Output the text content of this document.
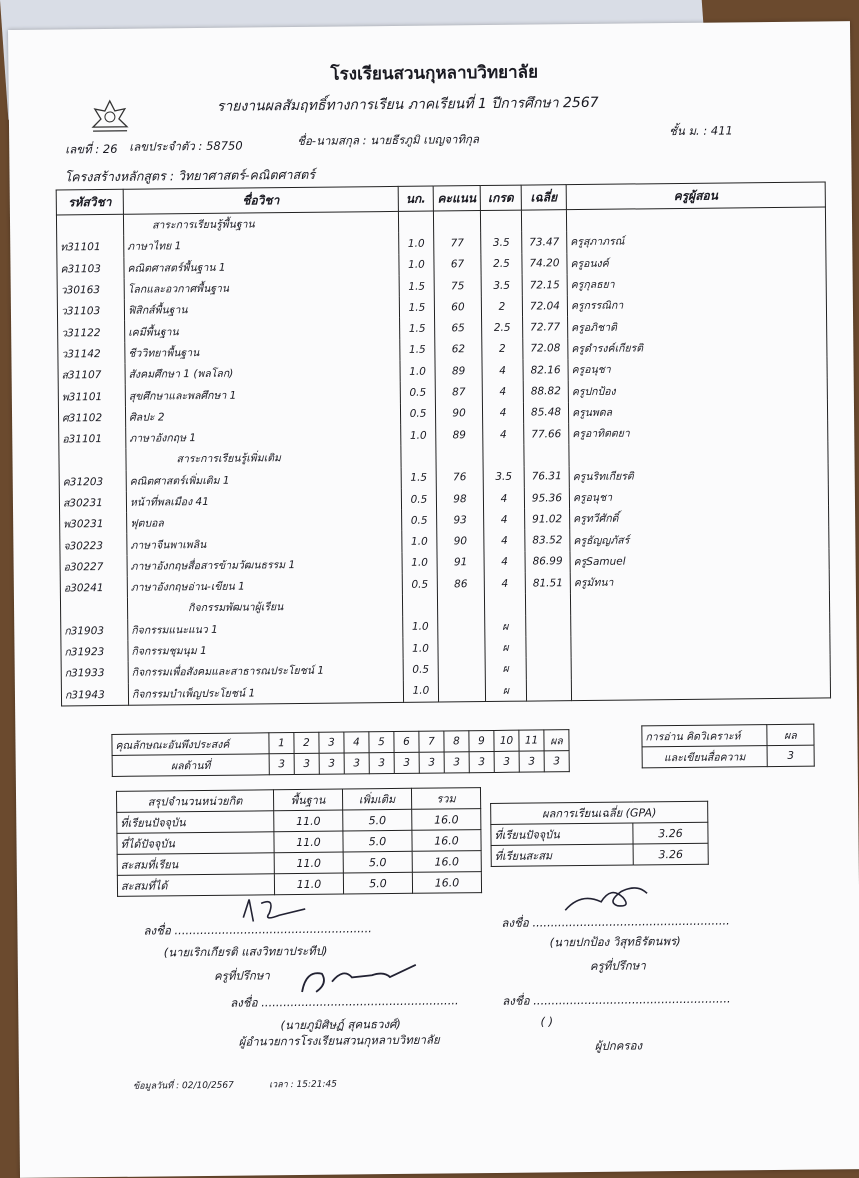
โรงเรียนสวนกุหลาบวิทยาลัย
รายงานผลสัมฤทธิ์ทางการเรียน ภาคเรียนที่ 1 ปีการศึกษา 2567
เลขที่ : 26 เลขประจำตัว : 58750	ชื่อ-นามสกุล : นายธีรภูมิ เบญจาทิกุล
ชั้น ม. : 411
โครงสร้างหลักสูตร : วิทยาศาสตร์-คณิตศาสตร์
รหัสวิชา	ชื่อวิชา	นก.	คะแนน	เกรด	เฉลี่ย	ครูผู้สอน
	สาระการเรียนรู้พื้นฐาน					
ท31101	ภาษาไทย 1	1.0	77	3.5	73.47	ครูสุภาภรณ์
ค31103	คณิตศาสตร์พื้นฐาน 1	1.0	67	2.5	74.20	ครูอนงค์
ว30163	โลกและอวกาศพื้นฐาน	1.5	75	3.5	72.15	ครูกุลธยา
ว31103	ฟิสิกส์พื้นฐาน	1.5	60	2	72.04	ครูกรรณิกา
ว31122	เคมีพื้นฐาน	1.5	65	2.5	72.77	ครูอภิชาติ
ว31142	ชีววิทยาพื้นฐาน	1.5	62	2	72.08	ครูดำรงค์เกียรติ
ส31107	สังคมศึกษา 1 (พลโลก)	1.0	89	4	82.16	ครูอนุชา
พ31101	สุขศึกษาและพลศึกษา 1	0.5	87	4	88.82	ครูปกป้อง
ศ31102	ศิลปะ 2	0.5	90	4	85.48	ครูนพดล
อ31101	ภาษาอังกฤษ 1	1.0	89	4	77.66	ครูอาทิตตยา
	สาระการเรียนรู้เพิ่มเติม					
ค31203	คณิตศาสตร์เพิ่มเติม 1	1.5	76	3.5	76.31	ครูนริทเกียรติ
ส30231	หน้าที่พลเมือง 41	0.5	98	4	95.36	ครูอนุชา
พ30231	ฟุตบอล	0.5	93	4	91.02	ครูทวีศักดิ์
จ30223	ภาษาจีนพาเพลิน	1.0	90	4	83.52	ครูธัญญภัสร์
อ30227	ภาษาอังกฤษสื่อสารข้ามวัฒนธรรม 1	1.0	91	4	86.99	ครูSamuel
อ30241	ภาษาอังกฤษอ่าน-เขียน 1	0.5	86	4	81.51	ครูมัทนา
	กิจกรรมพัฒนาผู้เรียน					
ก31903	กิจกรรมแนะแนว 1	1.0		ผ		
ก31923	กิจกรรมชุมนุม 1	1.0		ผ		
ก31933	กิจกรรมเพื่อสังคมและสาธารณประโยชน์ 1	0.5		ผ		
ก31943	กิจกรรมบำเพ็ญประโยชน์ 1	1.0		ผ		

คุณลักษณะอันพึงประสงค์	1	2	3	4	5	6	7	8	9	10	11	ผล
ผลด้านที่	3	3	3	3	3	3	3	3	3	3	3	3
การอ่าน คิดวิเคราะห์	ผล
และเขียนสื่อความ	3
สรุปจำนวนหน่วยกิต	พื้นฐาน	เพิ่มเติม	รวม
ที่เรียนปัจจุบัน	11.0	5.0	16.0
ที่ได้ปัจจุบัน	11.0	5.0	16.0
สะสมที่เรียน	11.0	5.0	16.0
สะสมที่ได้	11.0	5.0	16.0
ผลการเรียนเฉลี่ย (GPA)	
ที่เรียนปัจจุบัน	3.26
ที่เรียนสะสม	3.26
ลงชื่อ ......................................................
(นายเริกเกียรติ แสงวิทยาประทีป)
ครูที่ปรึกษา
ลงชื่อ ......................................................
(นายปกป้อง วิสุทธิรัตนพร)
ครูที่ปรึกษา
ลงชื่อ ......................................................
(นายภูมิศิษฏ์ สุคนธวงศ์)
ผู้อำนวยการโรงเรียนสวนกุหลาบวิทยาลัย
ลงชื่อ ......................................................
( )
ผู้ปกครอง
ข้อมูลวันที่ : 02/10/2567	เวลา : 15:21:45
